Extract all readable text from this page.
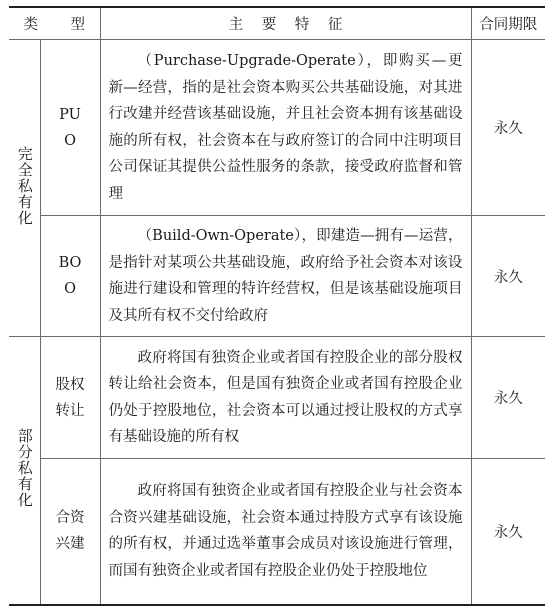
类 型		主 要 特 征	合同期限
完全私有化	PUO	（Purchase-Upgrade-Operate），即购买—更新—经营，指的是社会资本购买公共基础设施，对其进行改建并经营该基础设施，并且社会资本拥有该基础设施的所有权，社会资本在与政府签订的合同中注明项目公司保证其提供公益性服务的条款，接受政府监督和管理	永久
	BOO	（Build-Own-Operate），即建造—拥有—运营，是指针对某项公共基础设施，政府给予社会资本对该设施进行建设和管理的特许经营权，但是该基础设施项目及其所有权不交付给政府	永久
部分私有化	股权转让	政府将国有独资企业或者国有控股企业的部分股权转让给社会资本，但是国有独资企业或者国有控股企业仍处于控股地位，社会资本可以通过授让股权的方式享有基础设施的所有权	永久
	合资兴建	政府将国有独资企业或者国有控股企业与社会资本合资兴建基础设施，社会资本通过持股方式享有该设施的所有权，并通过选举董事会成员对该设施进行管理，而国有独资企业或者国有控股企业仍处于控股地位	永久
